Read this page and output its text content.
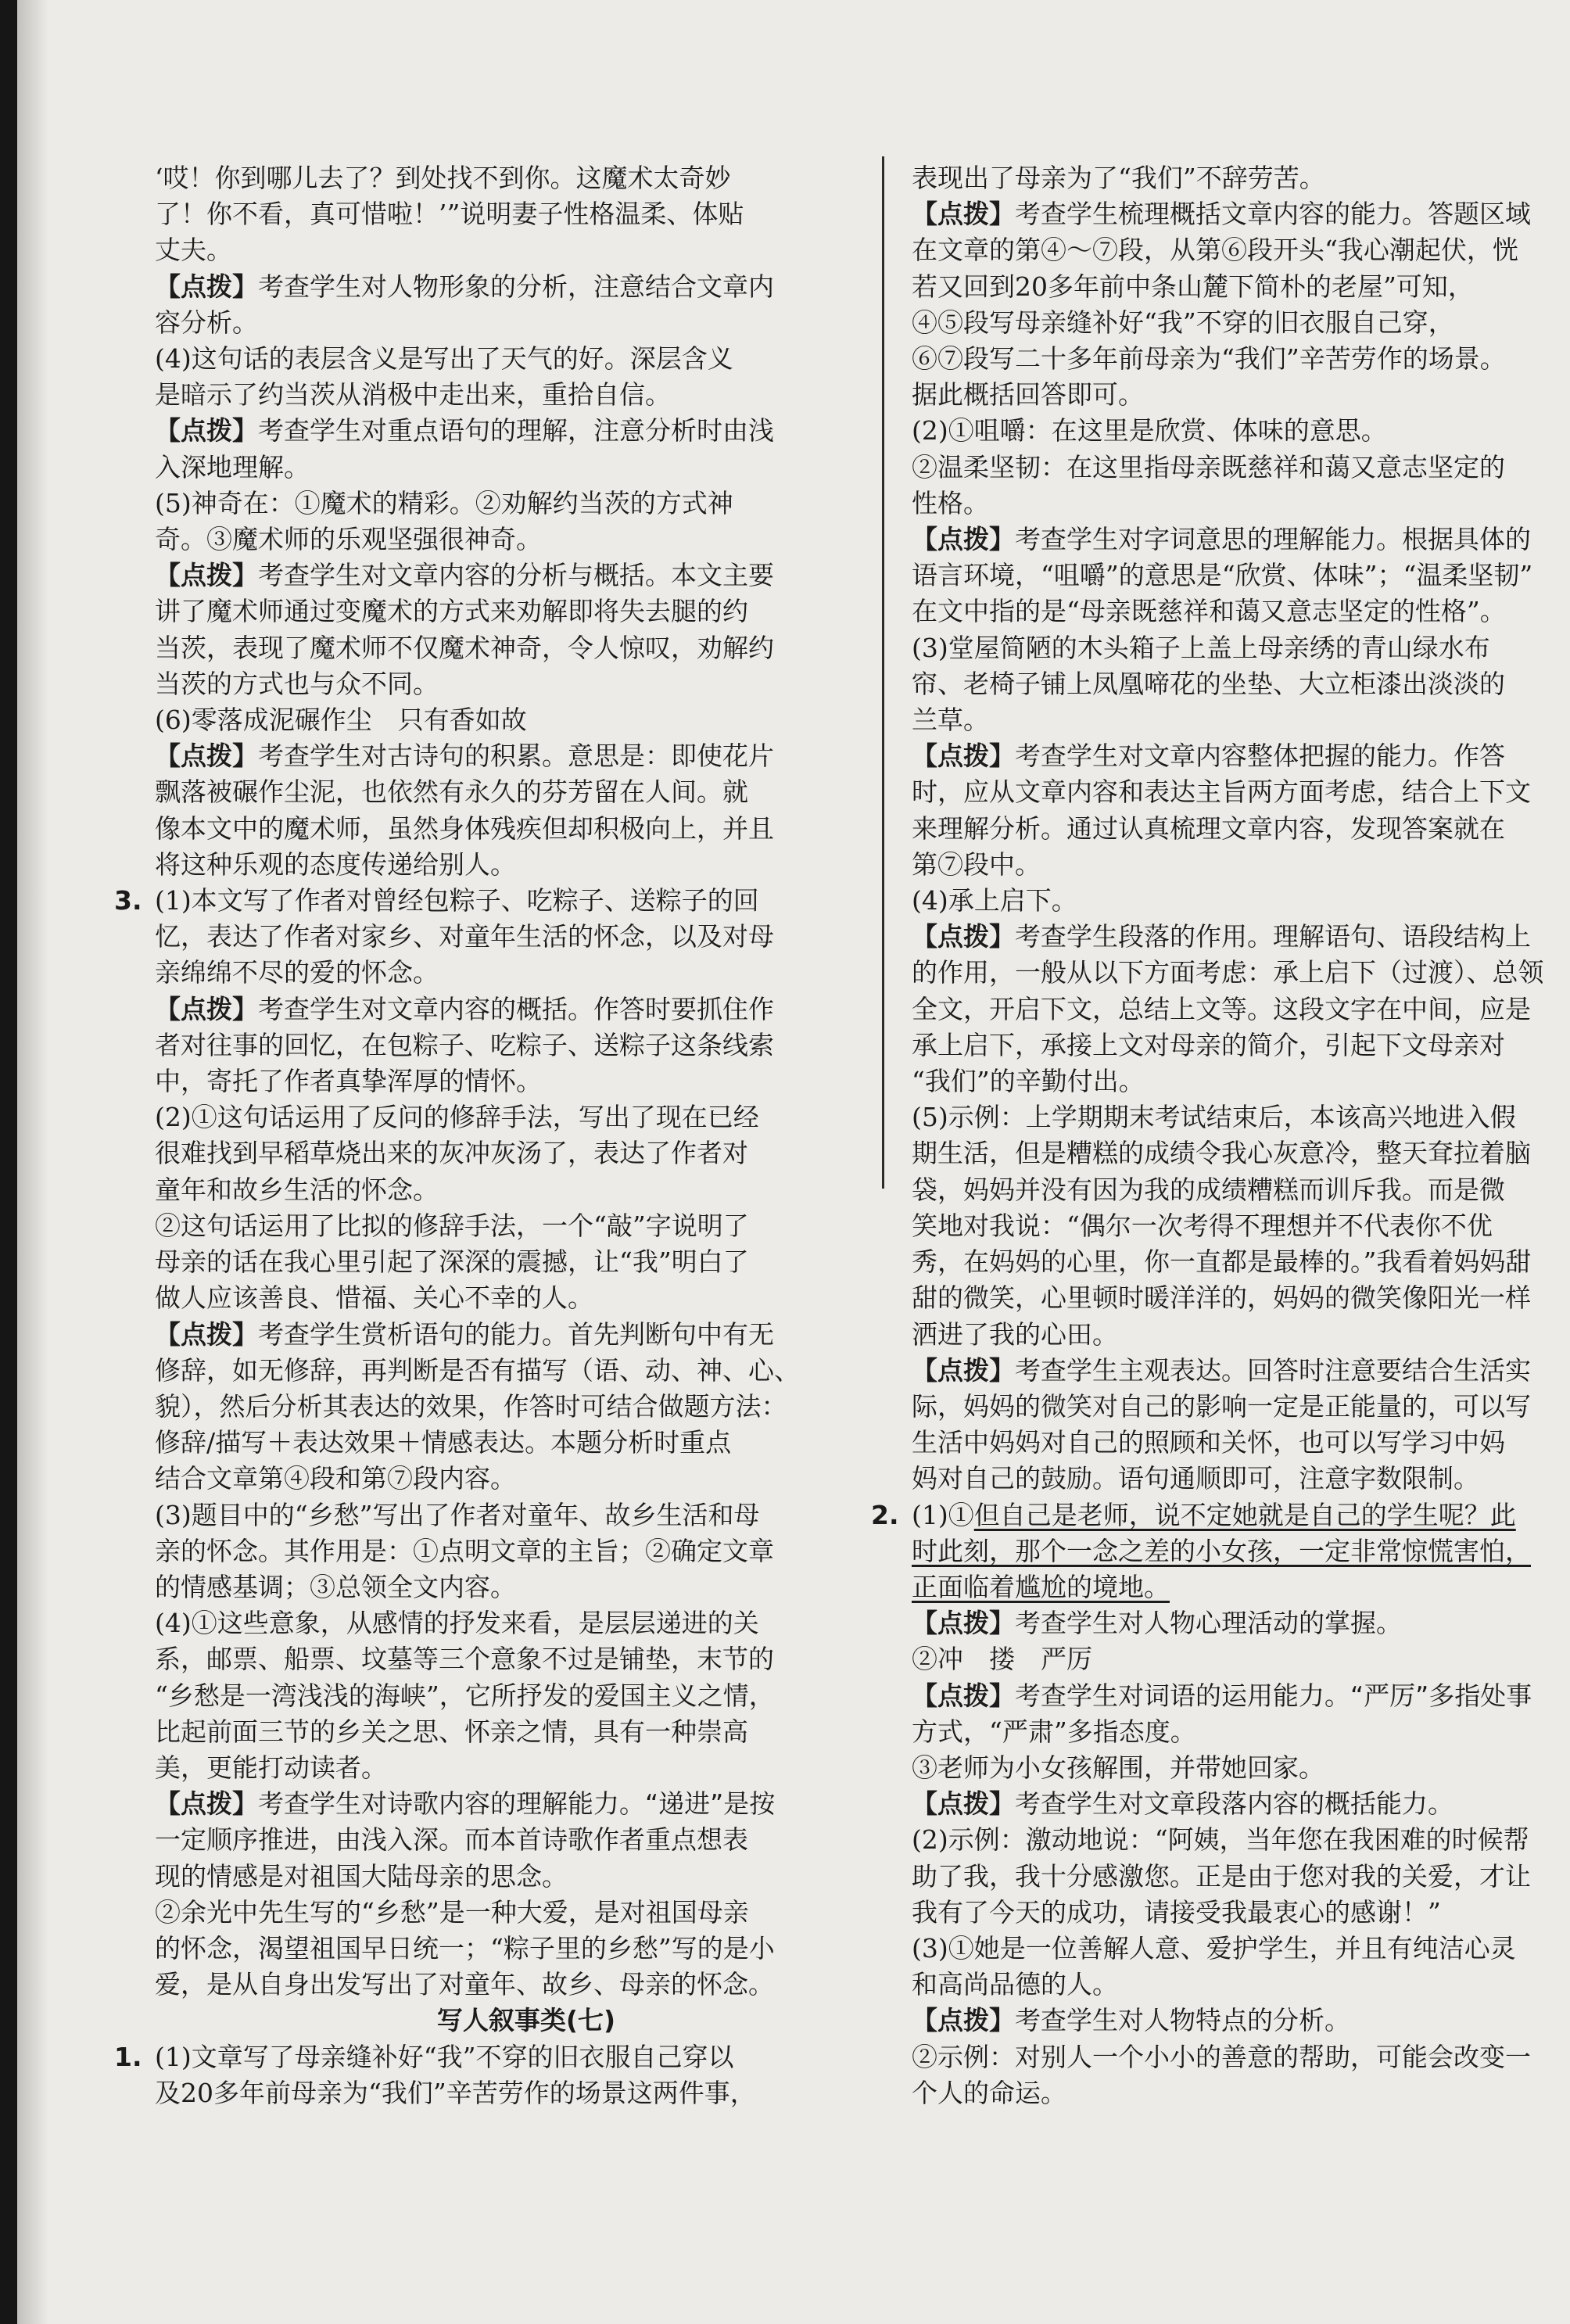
‘哎！你到哪儿去了？到处找不到你。这魔术太奇妙
了！你不看，真可惜啦！’”说明妻子性格温柔、体贴
丈夫。
【点拨】考查学生对人物形象的分析，注意结合文章内
容分析。
(4)这句话的表层含义是写出了天气的好。深层含义
是暗示了约当茨从消极中走出来，重拾自信。
【点拨】考查学生对重点语句的理解，注意分析时由浅
入深地理解。
(5)神奇在：①魔术的精彩。②劝解约当茨的方式神
奇。③魔术师的乐观坚强很神奇。
【点拨】考查学生对文章内容的分析与概括。本文主要
讲了魔术师通过变魔术的方式来劝解即将失去腿的约
当茨，表现了魔术师不仅魔术神奇，令人惊叹，劝解约
当茨的方式也与众不同。
(6)零落成泥碾作尘　只有香如故
【点拨】考查学生对古诗句的积累。意思是：即使花片
飘落被碾作尘泥，也依然有永久的芬芳留在人间。就
像本文中的魔术师，虽然身体残疾但却积极向上，并且
将这种乐观的态度传递给别人。
3. (1)本文写了作者对曾经包粽子、吃粽子、送粽子的回
忆，表达了作者对家乡、对童年生活的怀念，以及对母
亲绵绵不尽的爱的怀念。
【点拨】考查学生对文章内容的概括。作答时要抓住作
者对往事的回忆，在包粽子、吃粽子、送粽子这条线索
中，寄托了作者真挚浑厚的情怀。
(2)①这句话运用了反问的修辞手法，写出了现在已经
很难找到早稻草烧出来的灰冲灰汤了，表达了作者对
童年和故乡生活的怀念。
②这句话运用了比拟的修辞手法，一个“敲”字说明了
母亲的话在我心里引起了深深的震撼，让“我”明白了
做人应该善良、惜福、关心不幸的人。
【点拨】考查学生赏析语句的能力。首先判断句中有无
修辞，如无修辞，再判断是否有描写（语、动、神、心、
貌），然后分析其表达的效果，作答时可结合做题方法：
修辞/描写＋表达效果＋情感表达。本题分析时重点
结合文章第④段和第⑦段内容。
(3)题目中的“乡愁”写出了作者对童年、故乡生活和母
亲的怀念。其作用是：①点明文章的主旨；②确定文章
的情感基调；③总领全文内容。
(4)①这些意象，从感情的抒发来看，是层层递进的关
系，邮票、船票、坟墓等三个意象不过是铺垫，末节的
“乡愁是一湾浅浅的海峡”，它所抒发的爱国主义之情，
比起前面三节的乡关之思、怀亲之情，具有一种崇高
美，更能打动读者。
【点拨】考查学生对诗歌内容的理解能力。“递进”是按
一定顺序推进，由浅入深。而本首诗歌作者重点想表
现的情感是对祖国大陆母亲的思念。
②余光中先生写的“乡愁”是一种大爱，是对祖国母亲
的怀念，渴望祖国早日统一；“粽子里的乡愁”写的是小
爱，是从自身出发写出了对童年、故乡、母亲的怀念。
写人叙事类(七)
1. (1)文章写了母亲缝补好“我”不穿的旧衣服自己穿以
及20多年前母亲为“我们”辛苦劳作的场景这两件事，
表现出了母亲为了“我们”不辞劳苦。
【点拨】考查学生梳理概括文章内容的能力。答题区域
在文章的第④～⑦段，从第⑥段开头“我心潮起伏，恍
若又回到20多年前中条山麓下简朴的老屋”可知，
④⑤段写母亲缝补好“我”不穿的旧衣服自己穿，
⑥⑦段写二十多年前母亲为“我们”辛苦劳作的场景。
据此概括回答即可。
(2)①咀嚼：在这里是欣赏、体味的意思。
②温柔坚韧：在这里指母亲既慈祥和蔼又意志坚定的
性格。
【点拨】考查学生对字词意思的理解能力。根据具体的
语言环境，“咀嚼”的意思是“欣赏、体味”；“温柔坚韧”
在文中指的是“母亲既慈祥和蔼又意志坚定的性格”。
(3)堂屋简陋的木头箱子上盖上母亲绣的青山绿水布
帘、老椅子铺上凤凰啼花的坐垫、大立柜漆出淡淡的
兰草。
【点拨】考查学生对文章内容整体把握的能力。作答
时，应从文章内容和表达主旨两方面考虑，结合上下文
来理解分析。通过认真梳理文章内容，发现答案就在
第⑦段中。
(4)承上启下。
【点拨】考查学生段落的作用。理解语句、语段结构上
的作用，一般从以下方面考虑：承上启下（过渡）、总领
全文，开启下文，总结上文等。这段文字在中间，应是
承上启下，承接上文对母亲的简介，引起下文母亲对
“我们”的辛勤付出。
(5)示例：上学期期末考试结束后，本该高兴地进入假
期生活，但是糟糕的成绩令我心灰意冷，整天耷拉着脑
袋，妈妈并没有因为我的成绩糟糕而训斥我。而是微
笑地对我说：“偶尔一次考得不理想并不代表你不优
秀，在妈妈的心里，你一直都是最棒的。”我看着妈妈甜
甜的微笑，心里顿时暖洋洋的，妈妈的微笑像阳光一样
洒进了我的心田。
【点拨】考查学生主观表达。回答时注意要结合生活实
际，妈妈的微笑对自己的影响一定是正能量的，可以写
生活中妈妈对自己的照顾和关怀，也可以写学习中妈
妈对自己的鼓励。语句通顺即可，注意字数限制。
2. (1)①但自己是老师，说不定她就是自己的学生呢？此
时此刻，那个一念之差的小女孩，一定非常惊慌害怕，
正面临着尴尬的境地。
【点拨】考查学生对人物心理活动的掌握。
②冲　搂　严厉
【点拨】考查学生对词语的运用能力。“严厉”多指处事
方式，“严肃”多指态度。
③老师为小女孩解围，并带她回家。
【点拨】考查学生对文章段落内容的概括能力。
(2)示例：激动地说：“阿姨，当年您在我困难的时候帮
助了我，我十分感激您。正是由于您对我的关爱，才让
我有了今天的成功，请接受我最衷心的感谢！”
(3)①她是一位善解人意、爱护学生，并且有纯洁心灵
和高尚品德的人。
【点拨】考查学生对人物特点的分析。
②示例：对别人一个小小的善意的帮助，可能会改变一
个人的命运。
